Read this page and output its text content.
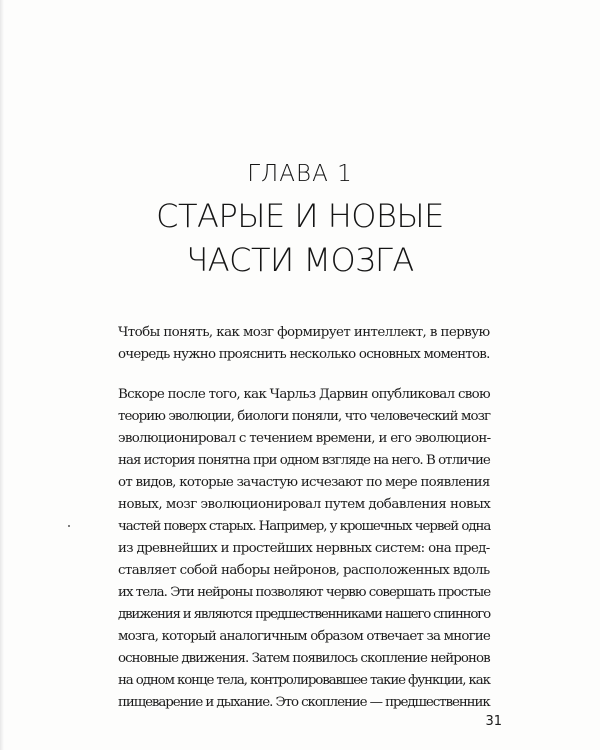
ГЛАВА 1
СТАРЫЕ И НОВЫЕ
ЧАСТИ МОЗГА
Чтобы понять, как мозг формирует интеллект, в первую
очередь нужно прояснить несколько основных моментов.
Вскоре после того, как Чарльз Дарвин опубликовал свою
теорию эволюции, биологи поняли, что человеческий мозг
эволюционировал с течением времени, и его эволюцион-
ная история понятна при одном взгляде на него. В отличие
от видов, которые зачастую исчезают по мере появления
новых, мозг эволюционировал путем добавления новых
частей поверх старых. Например, у крошечных червей одна
из древнейших и простейших нервных систем: она пред-
ставляет собой наборы нейронов, расположенных вдоль
их тела. Эти нейроны позволяют червю совершать простые
движения и являются предшественниками нашего спинного
мозга, который аналогичным образом отвечает за многие
основные движения. Затем появилось скопление нейронов
на одном конце тела, контролировавшее такие функции, как
пищеварение и дыхание. Это скопление — предшественник
31
